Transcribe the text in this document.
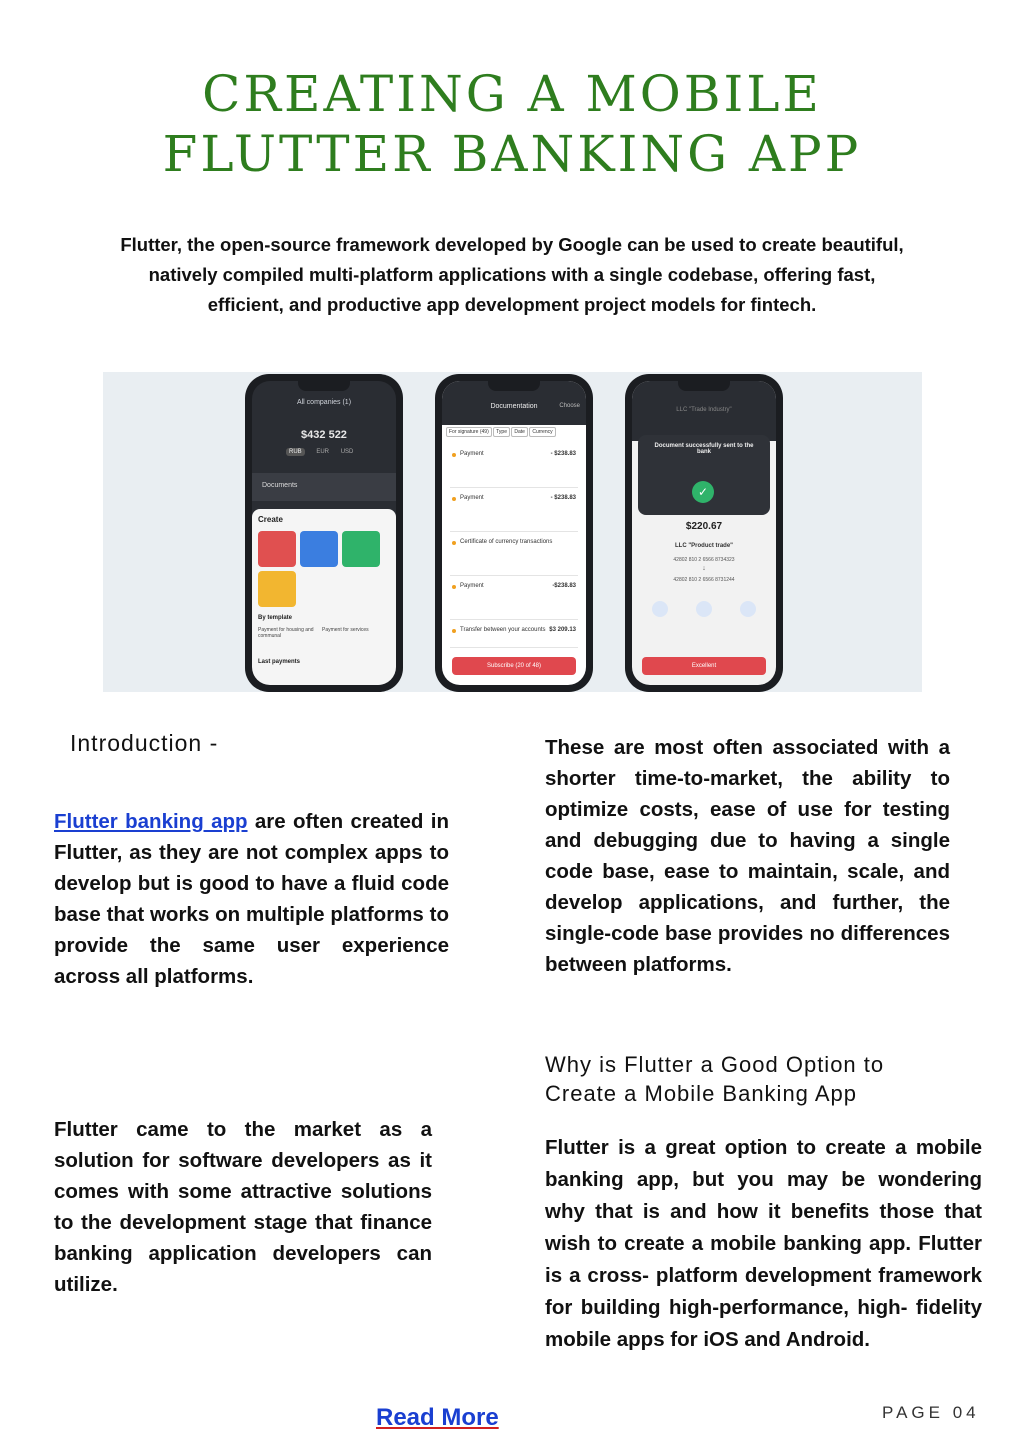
CREATING A MOBILE
FLUTTER BANKING APP
Flutter, the open-source framework developed by Google can be used to create beautiful, natively compiled multi-platform applications with a single codebase, offering fast, efficient, and productive app development project models for fintech.
All companies (1)
$432 522
RUB EUR USD
Documents
Create
By template
Payment for housing and communal
Payment for services
Last payments
Documentation	Choose
For signature (49) Type Date Currency
Payment	- $238.83
Payment	- $238.83
Certificate of currency transactions
Payment	-$238.83
Transfer between your accounts $3 209.13
Subscribe (20 of 48)
LLC "Trade Industry"
Document successfully sent to the bank
✓
$220.67
LLC "Product trade"
42802 810 2 6566 8734323
↓
42802 810 2 6566 8731244
Excellent
Introduction -
Flutter banking app are often created in Flutter, as they are not complex apps to develop but is good to have a fluid code base that works on multiple platforms to provide the same user experience across all platforms.
Flutter came to the market as a solution for software developers as it comes with some attractive solutions to the development stage that finance banking application developers can utilize.
These are most often associated with a shorter time-to-market, the ability to optimize costs, ease of use for testing and debugging due to having a single code base, ease to maintain, scale, and develop applications, and further, the single-code base provides no differences between platforms.
Why is Flutter a Good Option to Create a Mobile Banking App
Flutter is a great option to create a mobile banking app, but you may be wondering why that is and how it benefits those that wish to create a mobile banking app. Flutter is a cross- platform development framework for building high-performance, high- fidelity mobile apps for iOS and Android.
Read More	PAGE 04
